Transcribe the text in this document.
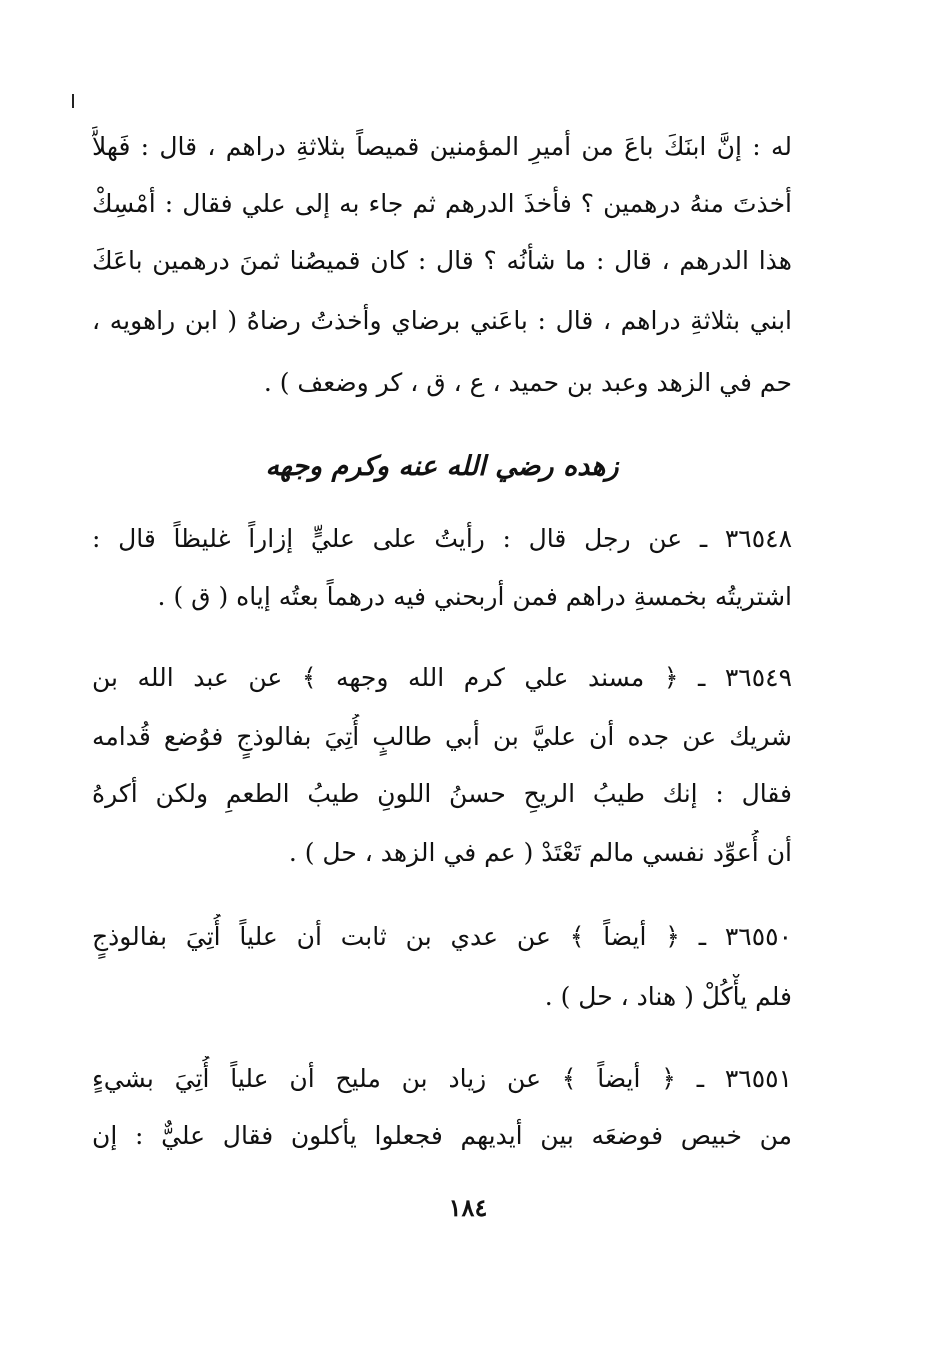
له : إنَّ ابنَكَ باعَ من أميرِ المؤمنين قميصاً بثلاثةِ دراهم ، قال : فَهلاَّ
أخذتَ منهُ درهمين ؟ فأخذَ الدرهم ثم جاء به إلى علي فقال : أمْسِكْ
هذا الدرهم ، قال : ما شأنُه ؟ قال : كان قميصُنا ثمنَ درهمين باعَكَ
ابني بثلاثةِ دراهم ، قال : باعَني برضاي وأخذتُ رضاهُ ( ابن راهويه ،
حم في الزهد وعبد بن حميد ، ع ، ق ، كر وضعف ) .
زهده رضي الله عنه وكرم وجهه
٣٦٥٤٨ ـ عن رجل قال : رأيتُ على عليٍّ إزاراً غليظاً قال :
اشتريتُه بخمسةِ دراهم فمن أربحني فيه درهماً بعتُه إياه ( ق ) .
٣٦٥٤٩ ـ ﴿ مسند علي كرم الله وجهه ﴾ عن عبد الله بن
شريك عن جده أن عليَّ بن أبي طالبٍ أُتِيَ بفالوذجٍ فوُضع قُدامه
فقال : إنك طيبُ الريحِ حسنُ اللونِ طيبُ الطعمِ ولكن أكرهُ
أن أُعوِّد نفسي مالم تَعْتَدْ ( عم في الزهد ، حل ) .
٣٦٥٥٠ ـ ﴿ أيضاً ﴾ عن عدي بن ثابت أن علياً أُتِيَ بفالوذجٍ
فلم يأْكُلْ ( هناد ، حل ) .
٣٦٥٥١ ـ ﴿ أيضاً ﴾ عن زياد بن مليح أن علياً أُتِيَ بشيءٍ
من خبيص فوضعَه بين أيديهم فجعلوا يأكلون فقال عليٌّ : إن
١٨٤
